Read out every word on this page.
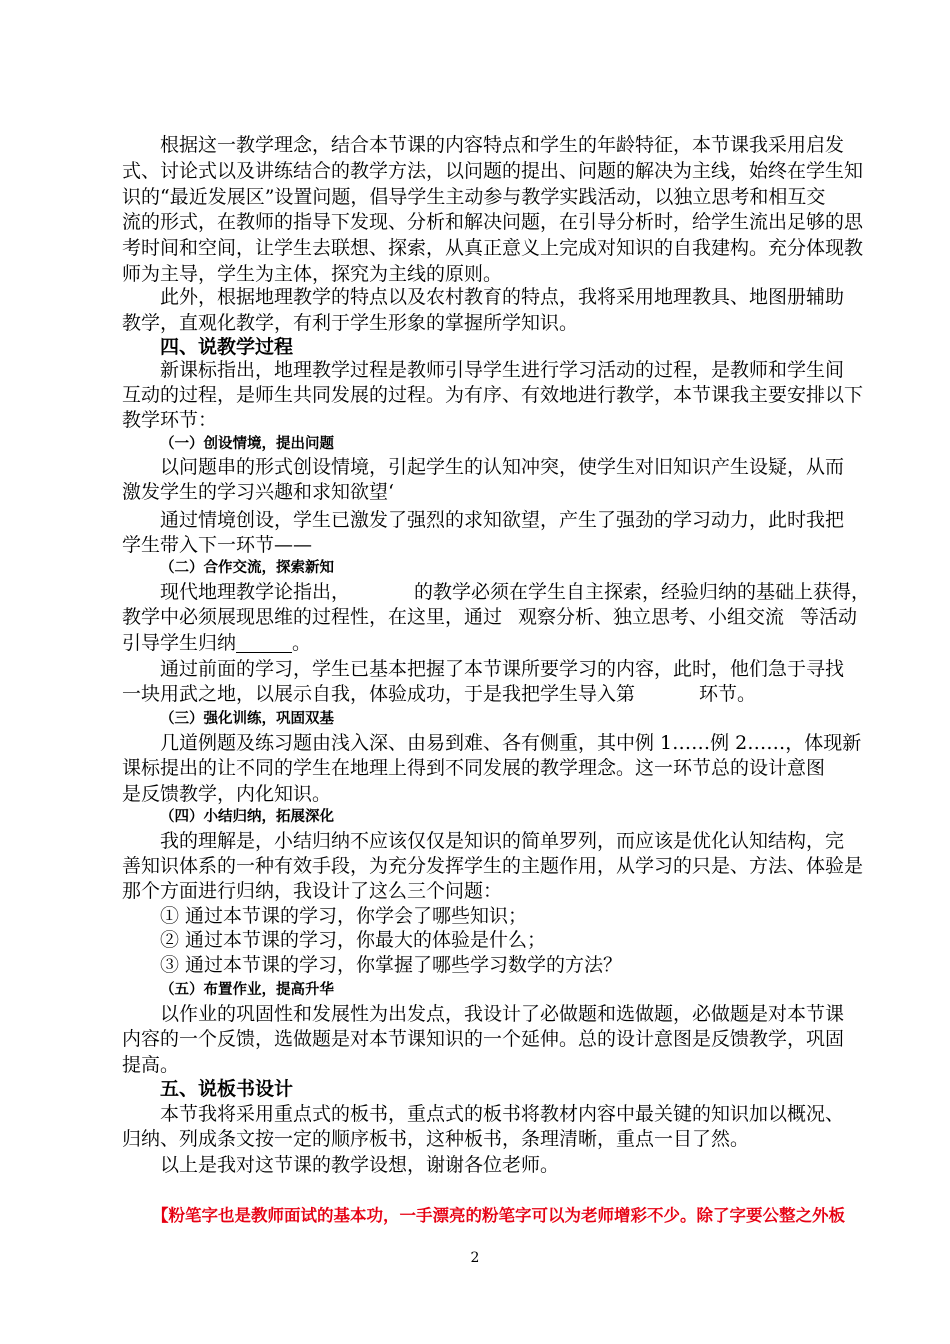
根据这一教学理念，结合本节课的内容特点和学生的年龄特征，本节课我采用启发
式、讨论式以及讲练结合的教学方法，以问题的提出、问题的解决为主线，始终在学生知
识的“最近发展区”设置问题，倡导学生主动参与教学实践活动，以独立思考和相互交
流的形式，在教师的指导下发现、分析和解决问题，在引导分析时，给学生流出足够的思
考时间和空间，让学生去联想、探索，从真正意义上完成对知识的自我建构。充分体现教
师为主导，学生为主体，探究为主线的原则。
此外，根据地理教学的特点以及农村教育的特点，我将采用地理教具、地图册辅助
教学，直观化教学，有利于学生形象的掌握所学知识。
四、说教学过程
新课标指出，地理教学过程是教师引导学生进行学习活动的过程，是教师和学生间
互动的过程，是师生共同发展的过程。为有序、有效地进行教学，本节课我主要安排以下
教学环节：
（一）创设情境，提出问题
以问题串的形式创设情境，引起学生的认知冲突，使学生对旧知识产生设疑，从而
激发学生的学习兴趣和求知欲望‘
通过情境创设，学生已激发了强烈的求知欲望，产生了强劲的学习动力，此时我把
学生带入下一环节——
（二）合作交流，探索新知
现代地理教学论指出，	的教学必须在学生自主探索，经验归纳的基础上获得，
教学中必须展现思维的过程性，在这里，通过 观察分析、独立思考、小组交流 等活动
引导学生归纳	。
通过前面的学习，学生已基本把握了本节课所要学习的内容，此时，他们急于寻找
一块用武之地，以展示自我，体验成功，于是我把学生导入第	环节。
（三）强化训练，巩固双基
几道例题及练习题由浅入深、由易到难、各有侧重，其中例 1……例 2……，体现新
课标提出的让不同的学生在地理上得到不同发展的教学理念。这一环节总的设计意图
是反馈教学，内化知识。
（四）小结归纳，拓展深化
我的理解是，小结归纳不应该仅仅是知识的简单罗列，而应该是优化认知结构，完
善知识体系的一种有效手段，为充分发挥学生的主题作用，从学习的只是、方法、体验是
那个方面进行归纳，我设计了这么三个问题：
① 通过本节课的学习，你学会了哪些知识；
② 通过本节课的学习，你最大的体验是什么；
③ 通过本节课的学习，你掌握了哪些学习数学的方法？
（五）布置作业，提高升华
以作业的巩固性和发展性为出发点，我设计了必做题和选做题，必做题是对本节课
内容的一个反馈，选做题是对本节课知识的一个延伸。总的设计意图是反馈教学，巩固
提高。
五、说板书设计
本节我将采用重点式的板书，重点式的板书将教材内容中最关键的知识加以概况、
归纳、列成条文按一定的顺序板书，这种板书，条理清晰，重点一目了然。
以上是我对这节课的教学设想，谢谢各位老师。
【粉笔字也是教师面试的基本功，一手漂亮的粉笔字可以为老师增彩不少。除了字要公整之外板
2
